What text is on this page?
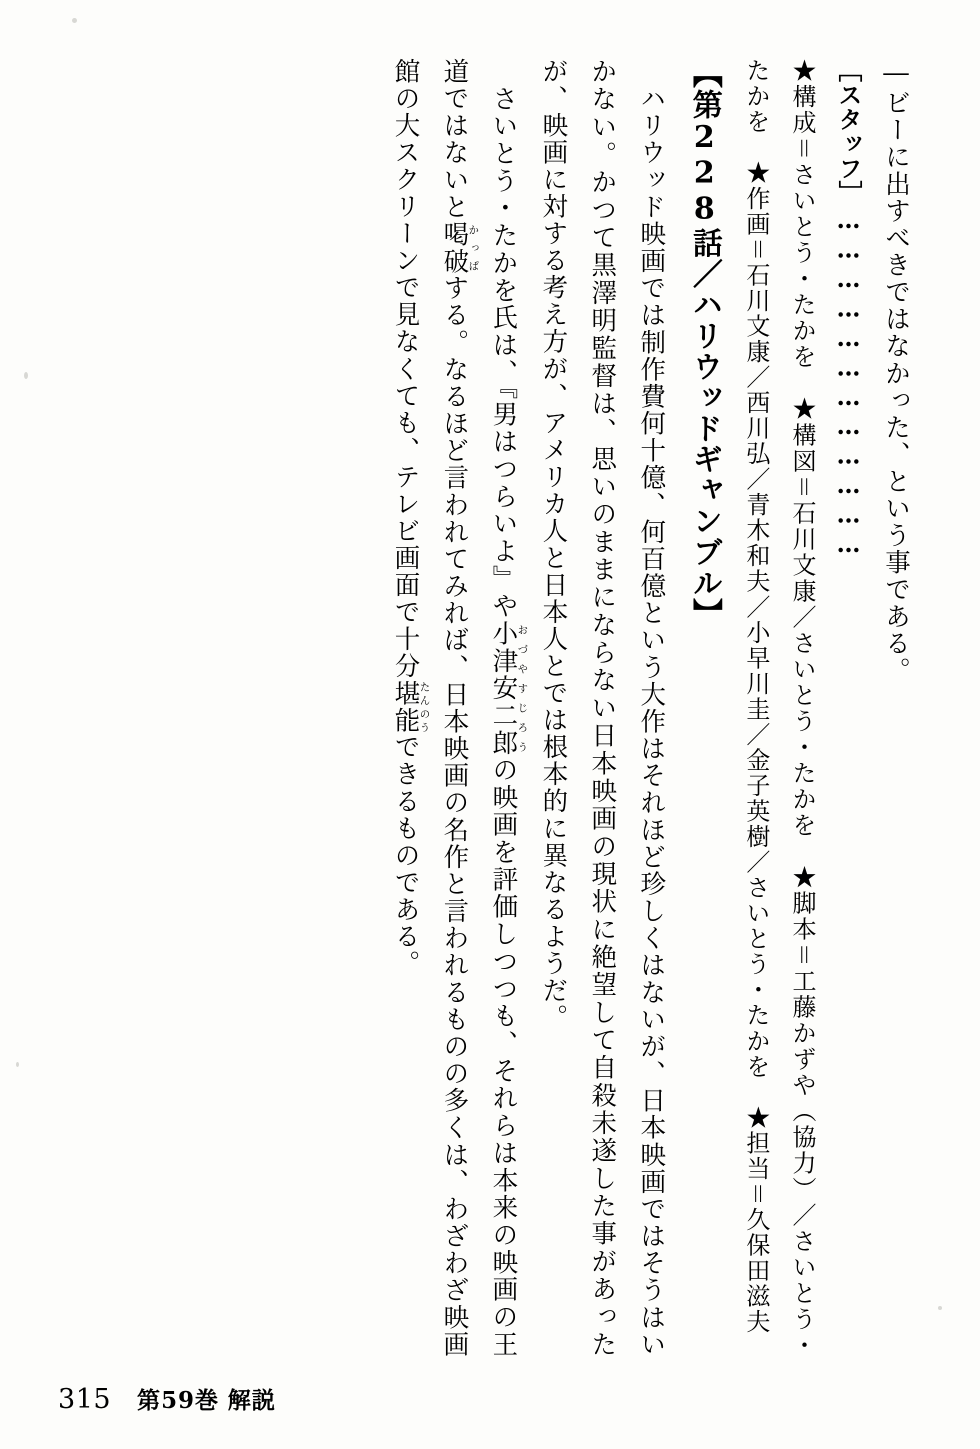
―ビーに出すべきではなかった、という事である。

［スタッフ］………………………………

★構成＝さいとう・たかを　★構図＝石川文康／さいとう・たかを　★脚本＝工藤かずや（協力）／さいとう・たかを　★作画＝石川文康／西川弘／青木和夫／小早川圭／金子英樹／さいとう・たかを　★担当＝久保田滋夫

【第228話／ハリウッドギャンブル】

　ハリウッド映画では制作費何十億、何百億という大作はそれほど珍しくはないが、日本映画ではそうはいかない。かつて黒澤明監督は、思いのままにならない日本映画の現状に絶望して自殺未遂した事があったが、映画に対する考え方が、アメリカ人と日本人とでは根本的に異なるようだ。

　さいとう・たかを氏は、『男はつらいよ』や小津安二郎おづやすじろうの映画を評価しつつも、それらは本来の映画の王道ではないと喝破かっぱする。なるほど言われてみれば、日本映画の名作と言われるものの多くは、わざわざ映画館の大スクリーンで見なくても、テレビ画面で十分堪能たんのうできるものである。

315 第59巻 解説
